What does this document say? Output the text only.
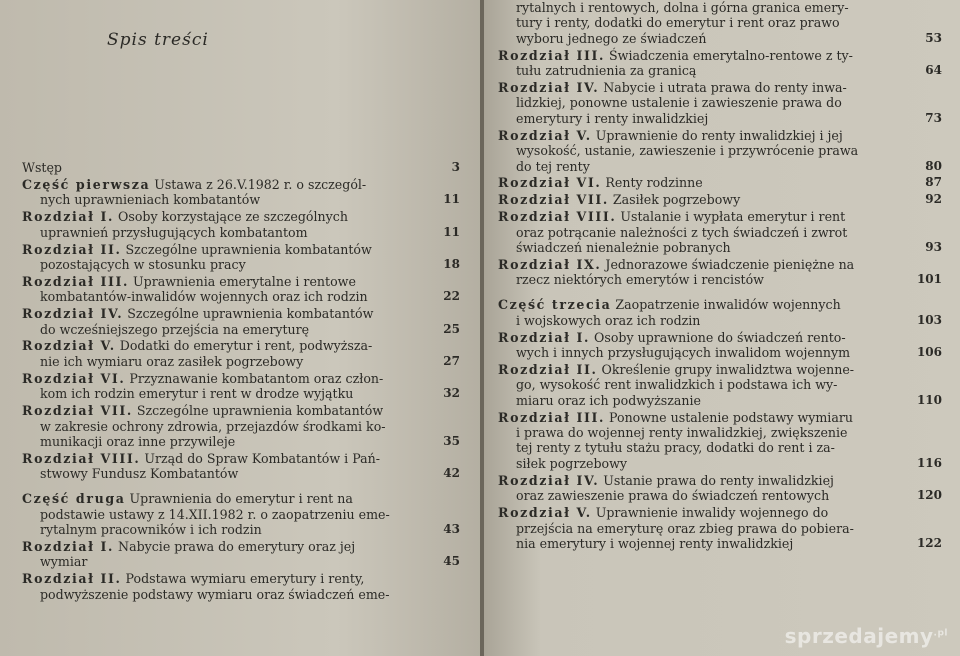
Spis treści
Wstęp	3
Część pierwsza Ustawa z 26.V.1982 r. o szczegól-
nych uprawnieniach kombatantów	11
Rozdział I. Osoby korzystające ze szczególnych
uprawnień przysługujących kombatantom	11
Rozdział II. Szczególne uprawnienia kombatantów
pozostających w stosunku pracy	18
Rozdział III. Uprawnienia emerytalne i rentowe
kombatantów-inwalidów wojennych oraz ich rodzin	22
Rozdział IV. Szczególne uprawnienia kombatantów
do wcześniejszego przejścia na emeryturę	25
Rozdział V. Dodatki do emerytur i rent, podwyższa-
nie ich wymiaru oraz zasiłek pogrzebowy	27
Rozdział VI. Przyznawanie kombatantom oraz człon-
kom ich rodzin emerytur i rent w drodze wyjątku	32
Rozdział VII. Szczególne uprawnienia kombatantów
w zakresie ochrony zdrowia, przejazdów środkami ko-
munikacji oraz inne przywileje	35
Rozdział VIII. Urząd do Spraw Kombatantów i Pań-
stwowy Fundusz Kombatantów	42
Część druga Uprawnienia do emerytur i rent na
podstawie ustawy z 14.XII.1982 r. o zaopatrzeniu eme-
rytalnym pracowników i ich rodzin	43
Rozdział I. Nabycie prawa do emerytury oraz jej
wymiar	45
Rozdział II. Podstawa wymiaru emerytury i renty,
podwyższenie podstawy wymiaru oraz świadczeń eme-
rytalnych i rentowych, dolna i górna granica emery-
tury i renty, dodatki do emerytur i rent oraz prawo
wyboru jednego ze świadczeń	53
Rozdział III. Świadczenia emerytalno-rentowe z ty-
tułu zatrudnienia za granicą	64
Rozdział IV. Nabycie i utrata prawa do renty inwa-
lidzkiej, ponowne ustalenie i zawieszenie prawa do
emerytury i renty inwalidzkiej	73
Rozdział V. Uprawnienie do renty inwalidzkiej i jej
wysokość, ustanie, zawieszenie i przywrócenie prawa
do tej renty	80
Rozdział VI. Renty rodzinne	87
Rozdział VII. Zasiłek pogrzebowy	92
Rozdział VIII. Ustalanie i wypłata emerytur i rent
oraz potrącanie należności z tych świadczeń i zwrot
świadczeń nienależnie pobranych	93
Rozdział IX. Jednorazowe świadczenie pieniężne na
rzecz niektórych emerytów i rencistów	101
Część trzecia Zaopatrzenie inwalidów wojennych
i wojskowych oraz ich rodzin	103
Rozdział I. Osoby uprawnione do świadczeń rento-
wych i innych przysługujących inwalidom wojennym	106
Rozdział II. Określenie grupy inwalidztwa wojenne-
go, wysokość rent inwalidzkich i podstawa ich wy-
miaru oraz ich podwyższanie	110
Rozdział III. Ponowne ustalenie podstawy wymiaru
i prawa do wojennej renty inwalidzkiej, zwiększenie
tej renty z tytułu stażu pracy, dodatki do rent i za-
siłek pogrzebowy	116
Rozdział IV. Ustanie prawa do renty inwalidzkiej
oraz zawieszenie prawa do świadczeń rentowych	120
Rozdział V. Uprawnienie inwalidy wojennego do
przejścia na emeryturę oraz zbieg prawa do pobiera-
nia emerytury i wojennej renty inwalidzkiej	122
sprzedajemy$^{.pl}$
